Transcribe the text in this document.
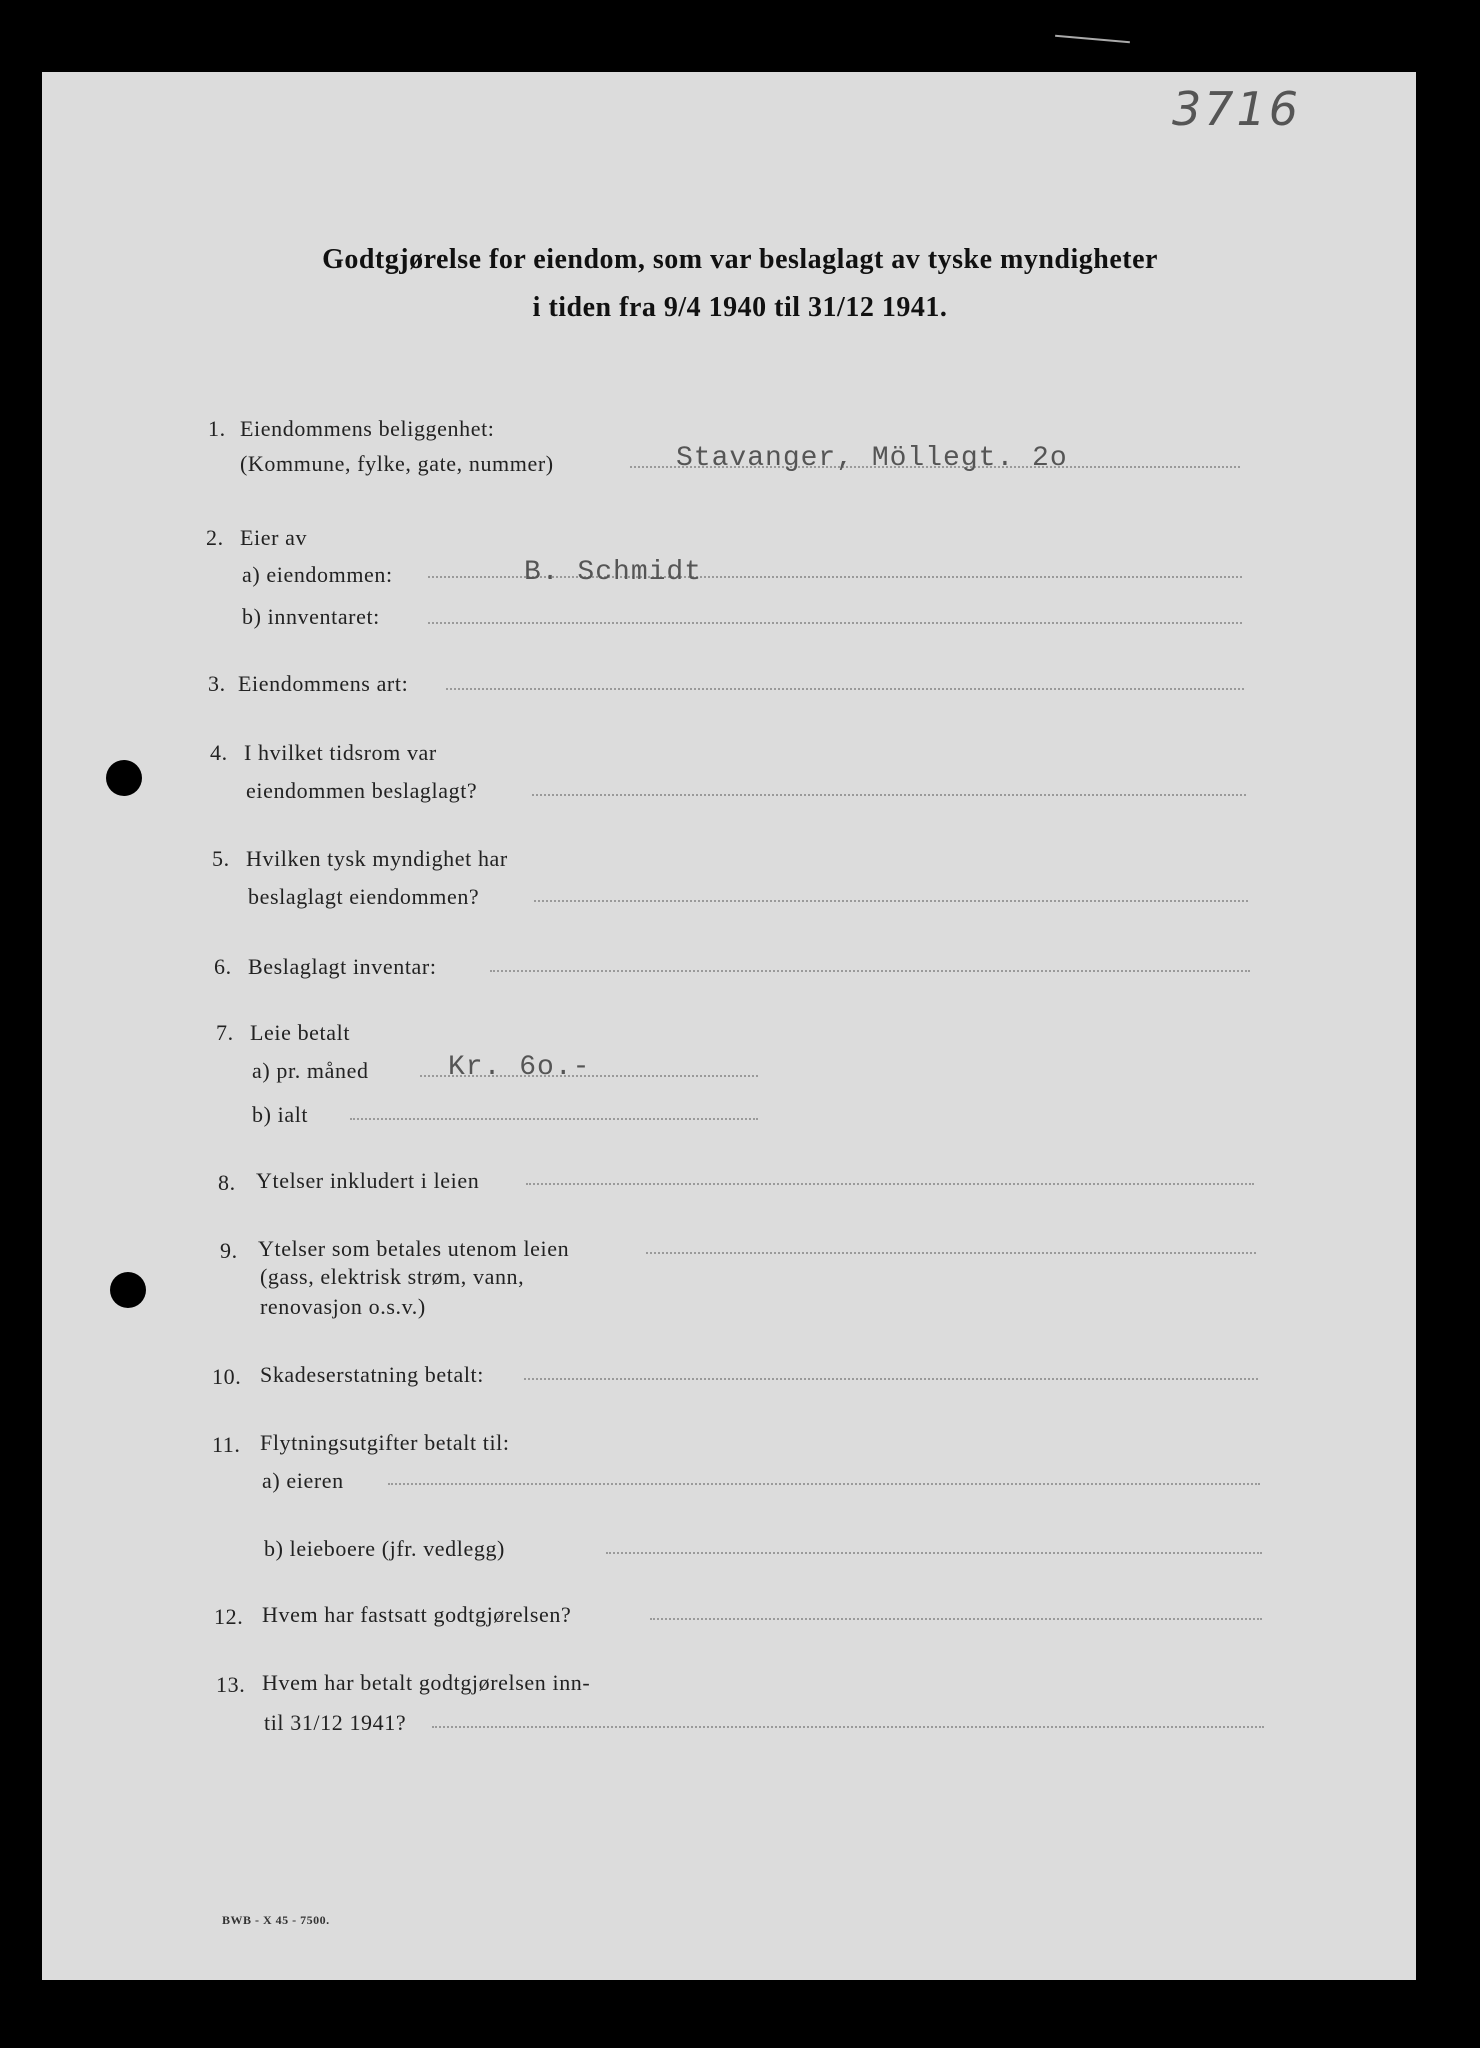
3716
Godtgjørelse for eiendom, som var beslaglagt av tyske myndigheter
i tiden fra 9/4 1940 til 31/12 1941.
1. Eiendommens beliggenhet:
(Kommune, fylke, gate, nummer)	Stavanger, Möllegt. 2o
2. Eier av
a) eiendommen:	B. Schmidt
b) innventaret:
3. Eiendommens art:
4. I hvilket tidsrom var
eiendommen beslaglagt?
5. Hvilken tysk myndighet har
beslaglagt eiendommen?
6. Beslaglagt inventar:
7. Leie betalt
a) pr. måned	Kr. 6o.-
b) ialt
8. Ytelser inkludert i leien
9. Ytelser som betales utenom leien
(gass, elektrisk strøm, vann,
renovasjon o.s.v.)
10. Skadeserstatning betalt:
11. Flytningsutgifter betalt til:
a) eieren
b) leieboere (jfr. vedlegg)
12. Hvem har fastsatt godtgjørelsen?
13. Hvem har betalt godtgjørelsen inn-
til 31/12 1941?
BWB - X 45 - 7500.
